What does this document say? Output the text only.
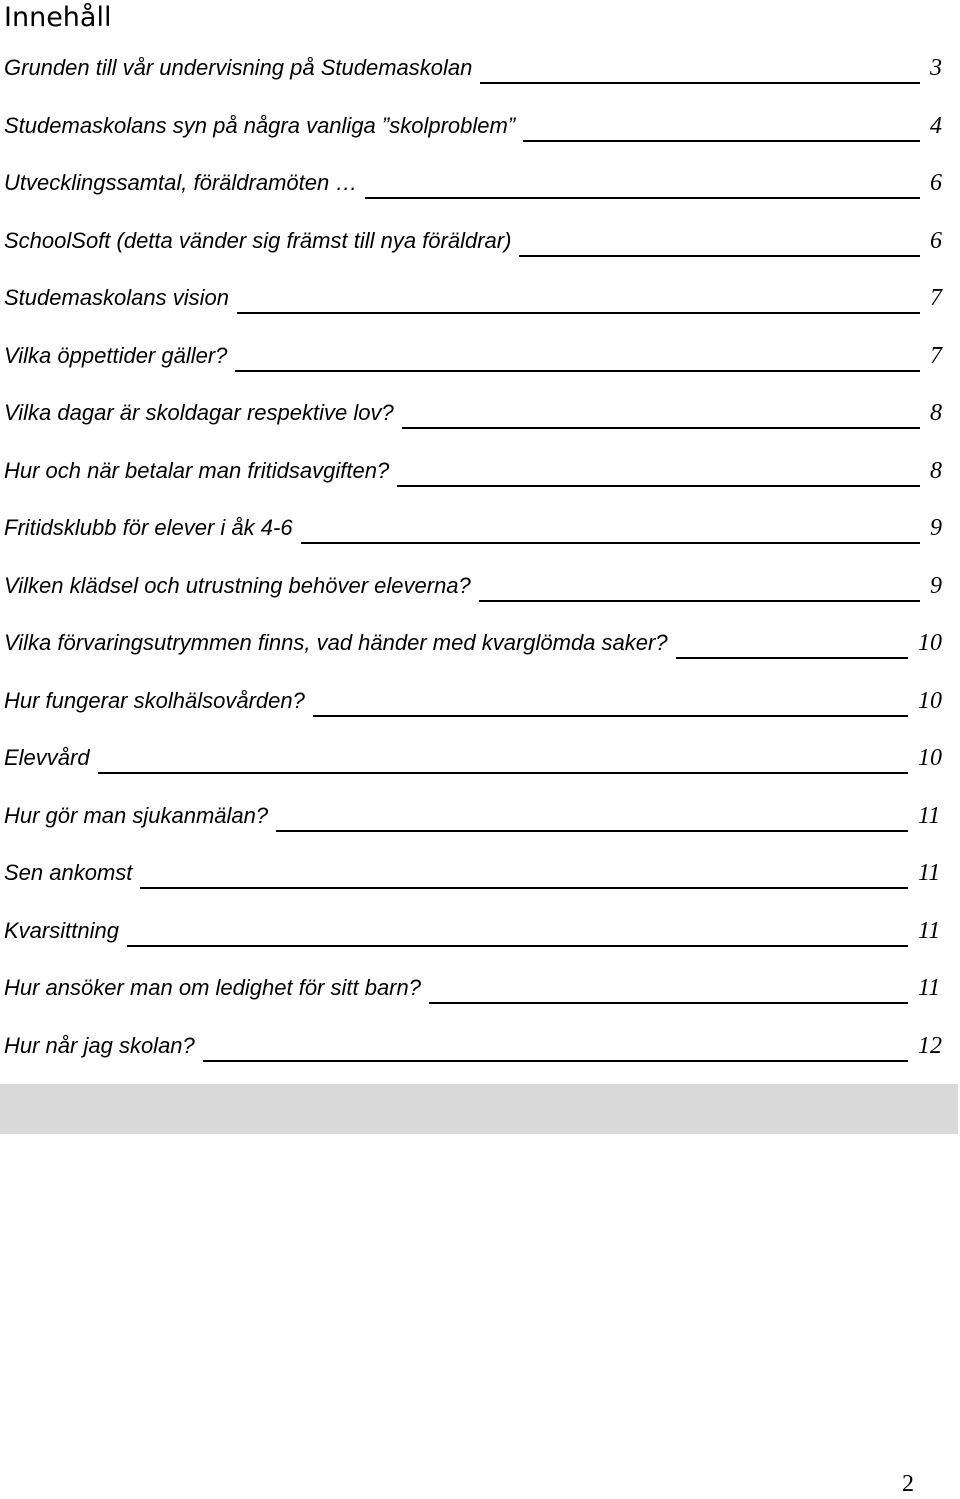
Innehåll
Grunden till vår undervisning på Studemaskolan	3
Studemaskolans syn på några vanliga ”skolproblem”	4
Utvecklingssamtal, föräldramöten …	6
SchoolSoft (detta vänder sig främst till nya föräldrar)	6
Studemaskolans vision	7
Vilka öppettider gäller?	7
Vilka dagar är skoldagar respektive lov?	8
Hur och när betalar man fritidsavgiften?	8
Fritidsklubb för elever i åk 4-6	9
Vilken klädsel och utrustning behöver eleverna?	9
Vilka förvaringsutrymmen finns, vad händer med kvarglömda saker?	10
Hur fungerar skolhälsovården?	10
Elevvård	10
Hur gör man sjukanmälan?	11
Sen ankomst	11
Kvarsittning	11
Hur ansöker man om ledighet för sitt barn?	11
Hur når jag skolan?	12
2
